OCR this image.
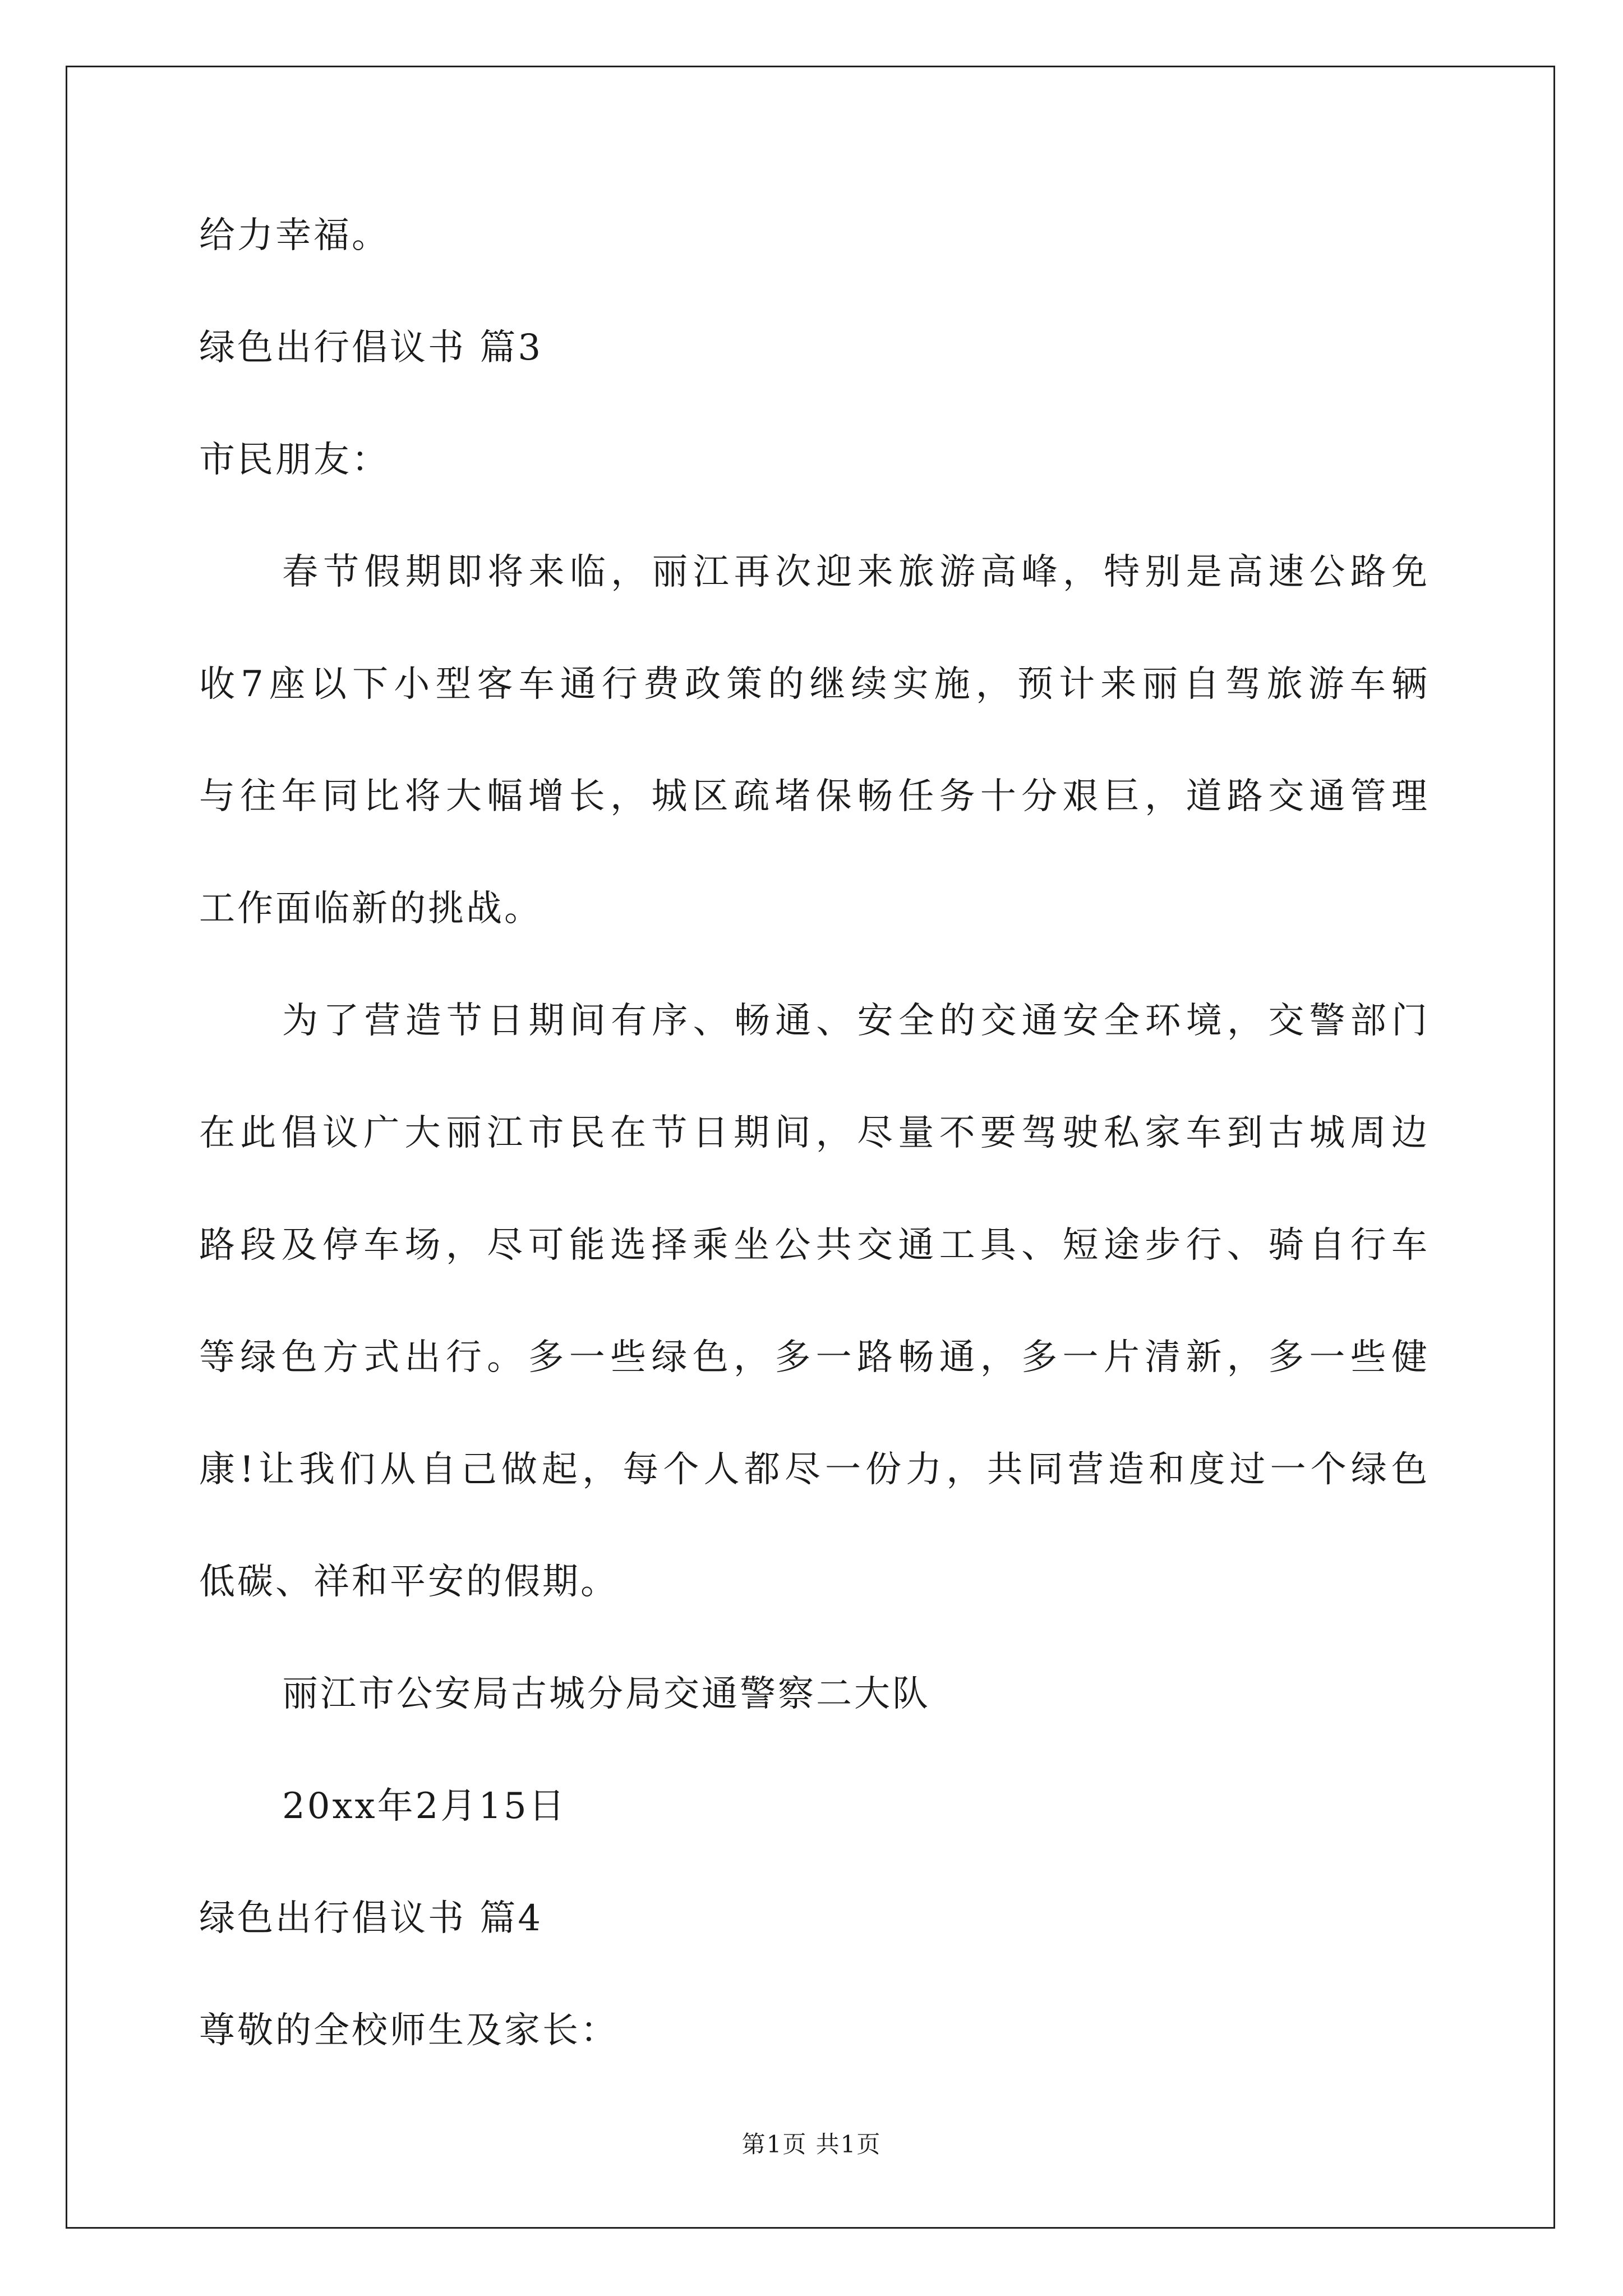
给力幸福。
绿色出行倡议书 篇3
市民朋友：
春节假期即将来临，丽江再次迎来旅游高峰，特别是高速公路免
收7座以下小型客车通行费政策的继续实施，预计来丽自驾旅游车辆
与往年同比将大幅增长，城区疏堵保畅任务十分艰巨，道路交通管理
工作面临新的挑战。
为了营造节日期间有序、畅通、安全的交通安全环境，交警部门
在此倡议广大丽江市民在节日期间，尽量不要驾驶私家车到古城周边
路段及停车场，尽可能选择乘坐公共交通工具、短途步行、骑自行车
等绿色方式出行。多一些绿色，多一路畅通，多一片清新，多一些健
康!让我们从自己做起，每个人都尽一份力，共同营造和度过一个绿色
低碳、祥和平安的假期。
丽江市公安局古城分局交通警察二大队
20xx年2月15日
绿色出行倡议书 篇4
尊敬的全校师生及家长：
第1页 共1页
